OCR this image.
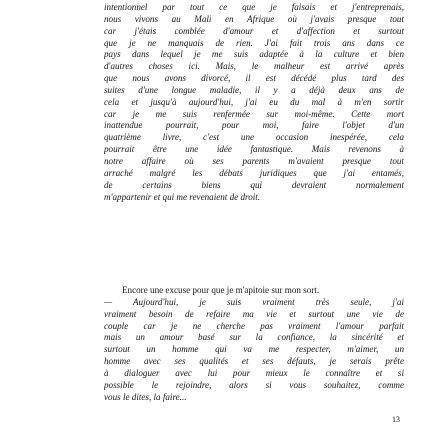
intentionnel par tout ce que je faisais et j'entreprenais,
nous vivons au Mali en Afrique où j'avais presque tout
car j'étais comblée d'amour et d'affection et surtout
que je ne manquais de rien. J'ai fait trois ans dans ce
pays dans lequel je me suis adaptée à la culture et bien
d'autres choses ici. Mais, le malheur est arrivé après
que nous avons divorcé, il est décédé plus tard des
suites d'une longue maladie, il y a déjà deux ans de
cela et jusqu'à aujourd'hui, j'ai eu du mal à m'en sortir
car je me suis renfermée sur moi-même. Cette mort
inattendue pourrait, pour moi, faire l'objet d'un
quatrième livre, c'est une occasion inespérée, cela
pourrait être une idée fantastique. Mais revenons à
notre affaire où ses parents m'avaient presque tout
arraché malgré les débats juridiques que j'ai entamés,
de certains biens qui devraient normalement
m'appartenir et qui me revenaient de droit.
Encore une excuse pour que je m'apitoie sur mon sort.
— Aujourd'hui, je suis vraiment très seule, j'ai
vraiment besoin de refaire ma vie et surtout une vie de
couple car je ne cherche pas vraiment l'amour parfait
mais un amour basé sur la confiance, la sincérité et
surtout un homme qui va me respecter, m'aimer, un
homme avec ses qualités et ses défauts, je serais prête
à dialoguer avec lui pour mieux le connaître et si
possible le rejoindre, alors si vous souhaitez, comme
vous le dites, la faire...
13
